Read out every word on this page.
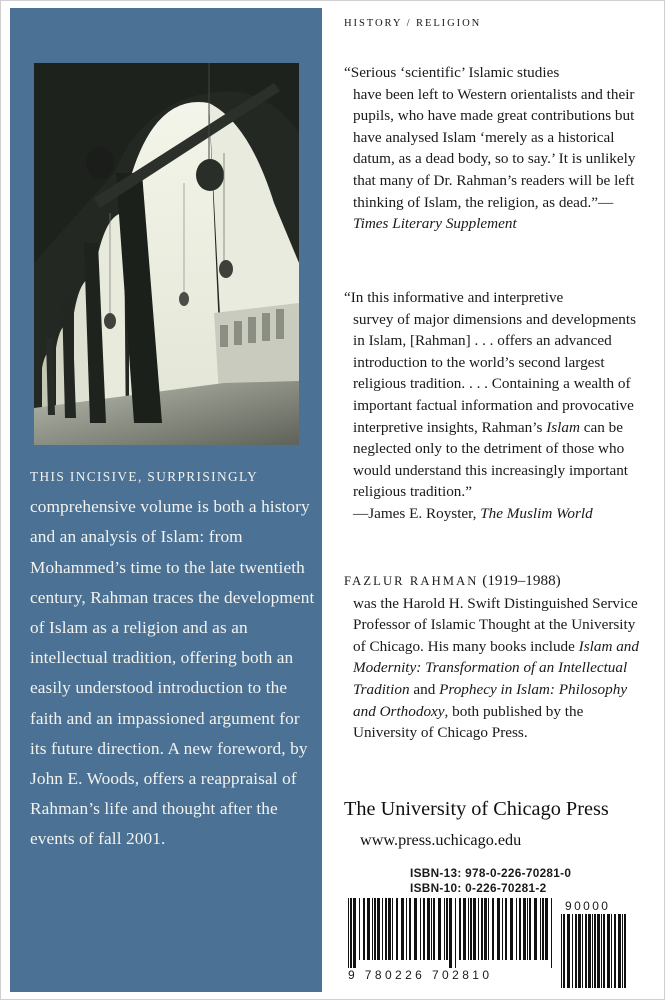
THIS INCISIVE, SURPRISINGLY comprehensive volume is both a history and an analysis of Islam: from Mohammed’s time to the late twentieth century, Rahman traces the development of Islam as a religion and as an intellectual tradition, offering both an easily understood introduction to the faith and an impassioned argument for its future direction. A new foreword, by John E. Woods, offers a reappraisal of Rahman’s life and thought after the events of fall 2001.
HISTORY / RELIGION
“Serious ‘scientific’ Islamic studies
have been left to Western orientalists and their pupils, who have made great contributions but have analysed Islam ‘merely as a historical datum, as a dead body, so to say.’ It is unlikely that many of Dr. Rahman’s readers will be left thinking of Islam, the religion, as dead.”—Times Literary Supplement
“In this informative and interpretive
survey of major dimensions and developments in Islam, [Rahman] . . . offers an advanced introduction to the world’s second largest religious tradition. . . . Containing a wealth of important factual information and provocative interpretive insights, Rahman’s Islam can be neglected only to the detriment of those who would understand this increasingly important religious tradition.”
—James E. Royster, The Muslim World
FAZLUR RAHMAN (1919–1988)
was the Harold H. Swift Distinguished Service Professor of Islamic Thought at the University of Chicago. His many books include Islam and Modernity: Transformation of an Intellectual Tradition and Prophecy in Islam: Philosophy and Orthodoxy, both published by the University of Chicago Press.
The University of Chicago Press
www.press.uchicago.edu
ISBN-13: 978-0-226-70281-0
ISBN-10: 0-226-70281-2
90000
9 780226 702810
